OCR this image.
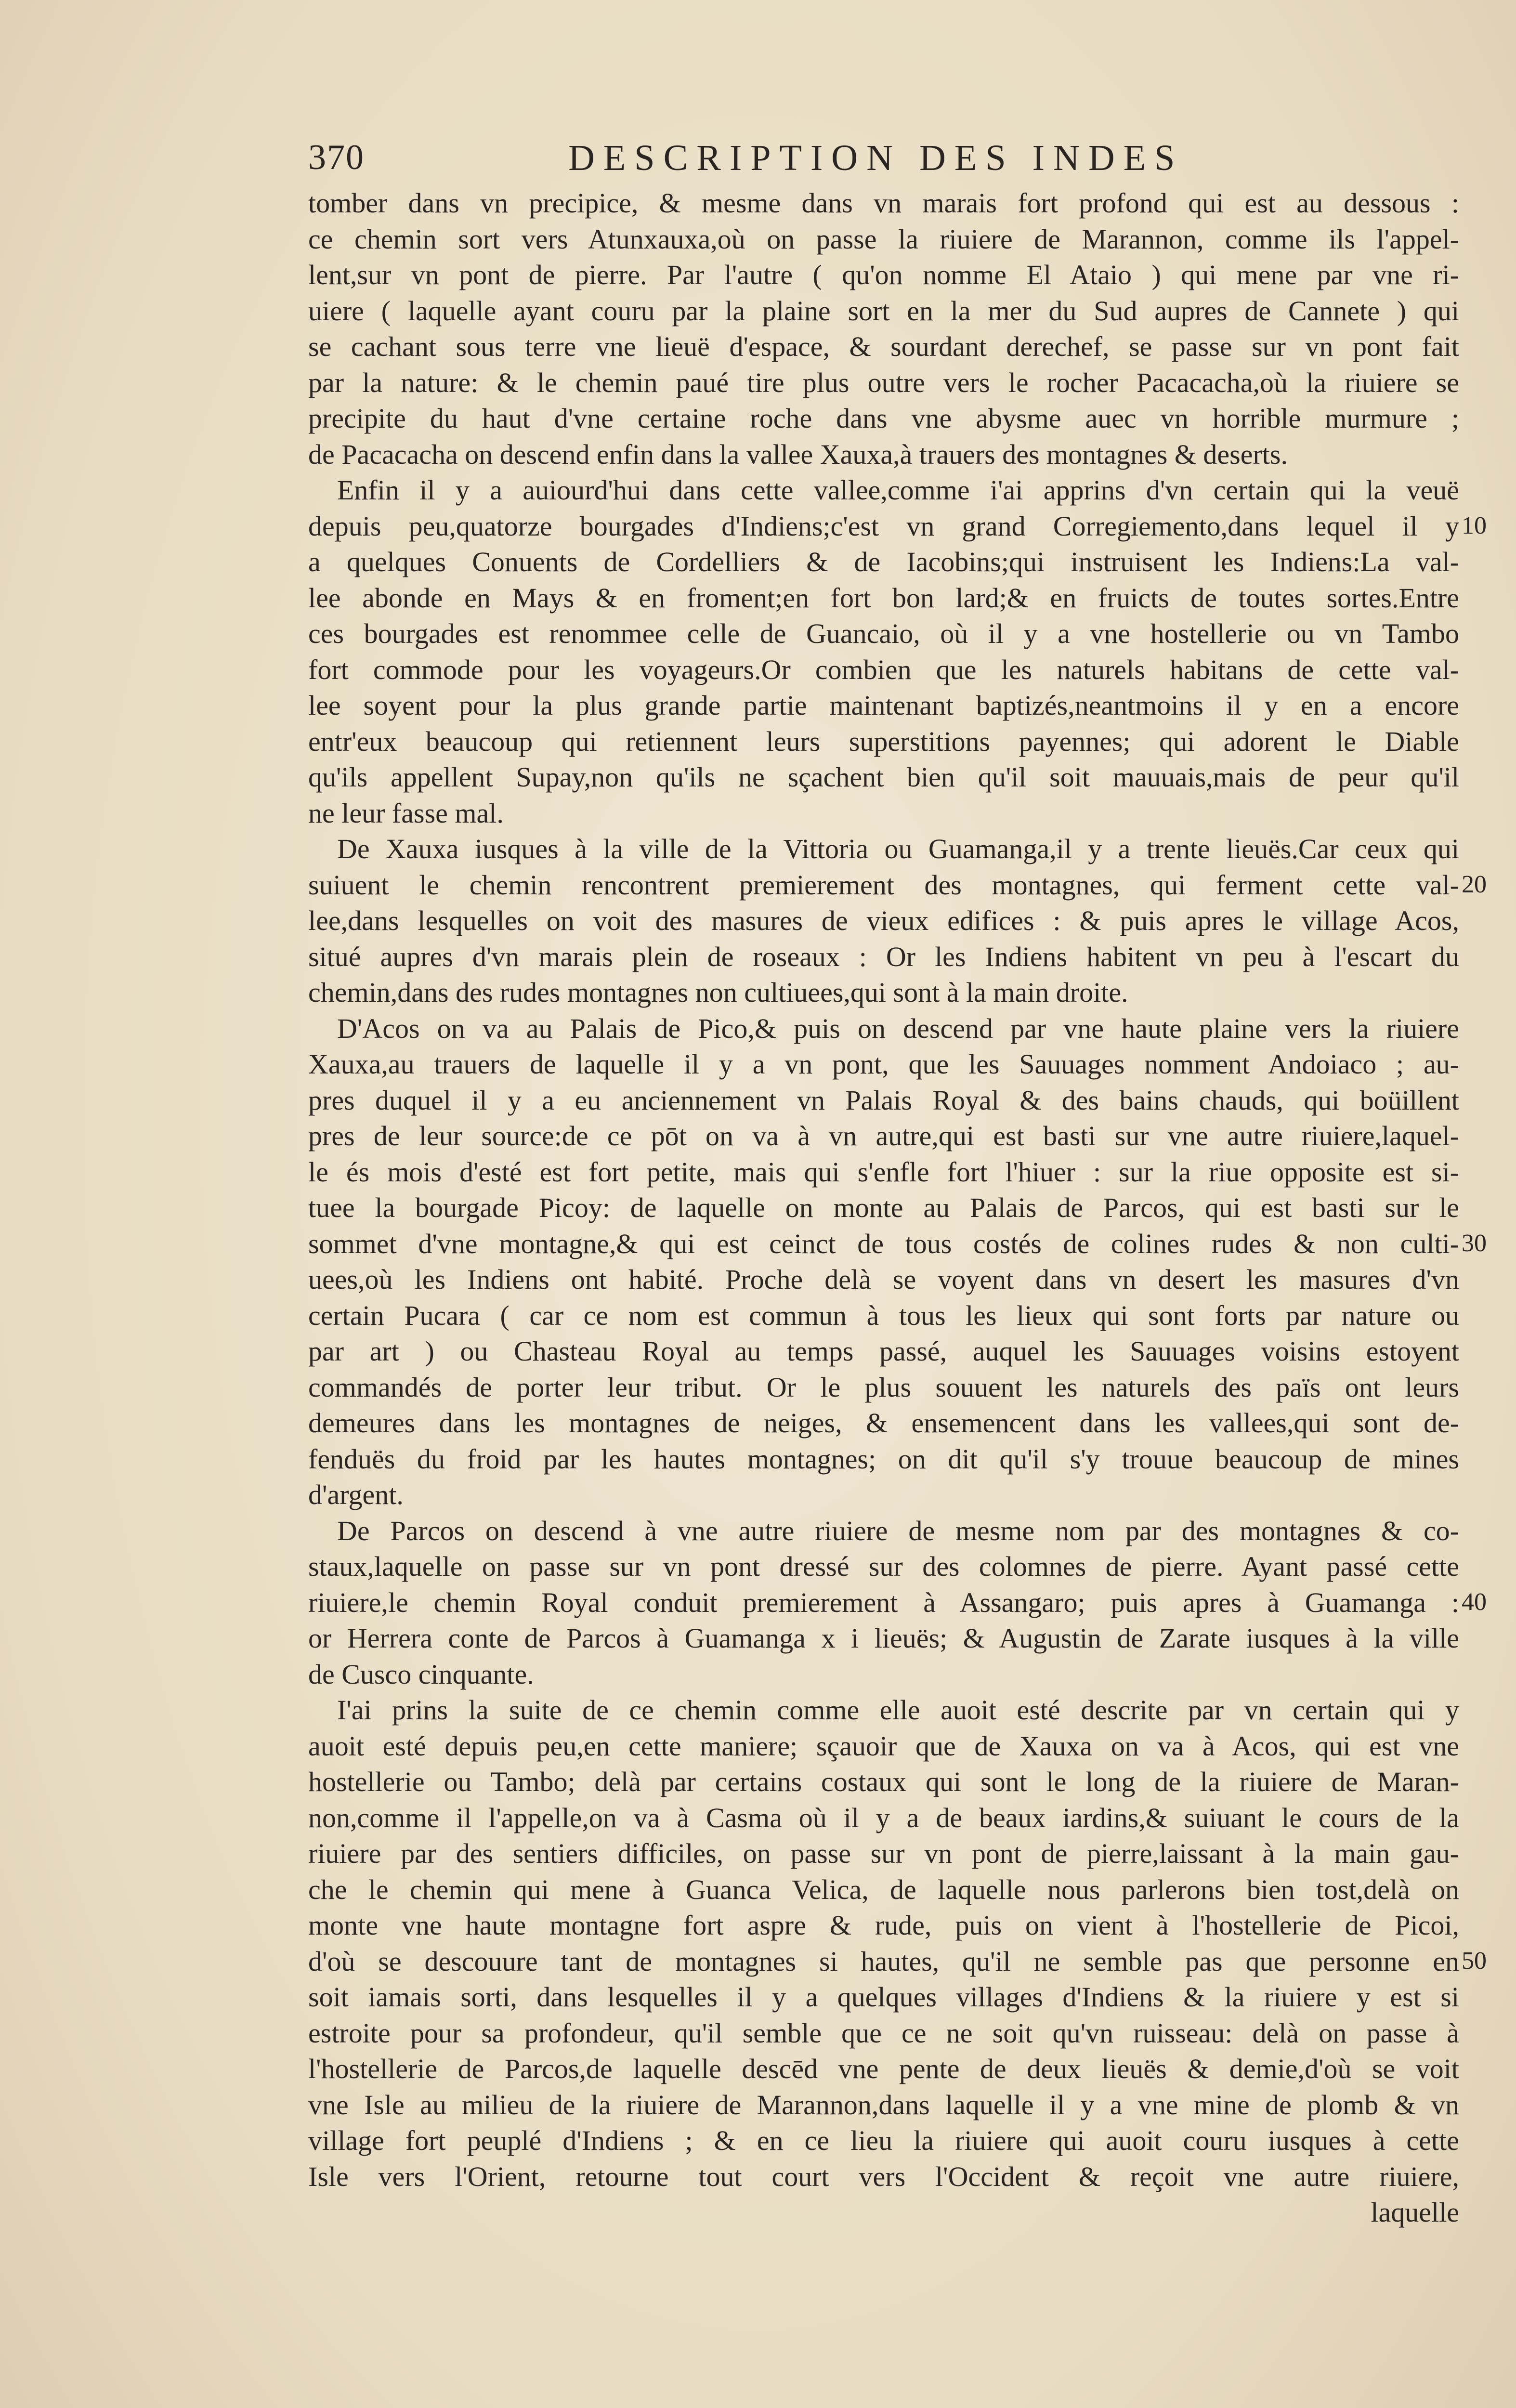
370	DESCRIPTION DES INDES
tomber dans vn precipice, & mesme dans vn marais fort profond qui est au dessous :
ce chemin sort vers Atunxauxa,où on passe la riuiere de Marannon, comme ils l'appel-
lent,sur vn pont de pierre. Par l'autre ( qu'on nomme El Ataio ) qui mene par vne ri-
uiere ( laquelle ayant couru par la plaine sort en la mer du Sud aupres de Cannete ) qui
se cachant sous terre vne lieuë d'espace, & sourdant derechef, se passe sur vn pont fait
par la nature: & le chemin paué tire plus outre vers le rocher Pacacacha,où la riuiere se
precipite du haut d'vne certaine roche dans vne abysme auec vn horrible murmure ;
de Pacacacha on descend enfin dans la vallee Xauxa,à trauers des montagnes & deserts.
Enfin il y a auiourd'hui dans cette vallee,comme i'ai apprins d'vn certain qui la veuë
depuis peu,quatorze bourgades d'Indiens;c'est vn grand Corregiemento,dans lequel il y
a quelques Conuents de Cordelliers & de Iacobins;qui instruisent les Indiens:La val-
lee abonde en Mays & en froment;en fort bon lard;& en fruicts de toutes sortes.Entre
ces bourgades est renommee celle de Guancaio, où il y a vne hostellerie ou vn Tambo
fort commode pour les voyageurs.Or combien que les naturels habitans de cette val-
lee soyent pour la plus grande partie maintenant baptizés,neantmoins il y en a encore
entr'eux beaucoup qui retiennent leurs superstitions payennes; qui adorent le Diable
qu'ils appellent Supay,non qu'ils ne sçachent bien qu'il soit mauuais,mais de peur qu'il
ne leur fasse mal.
De Xauxa iusques à la ville de la Vittoria ou Guamanga,il y a trente lieuës.Car ceux qui
suiuent le chemin rencontrent premierement des montagnes, qui ferment cette val-
lee,dans lesquelles on voit des masures de vieux edifices : & puis apres le village Acos,
situé aupres d'vn marais plein de roseaux : Or les Indiens habitent vn peu à l'escart du
chemin,dans des rudes montagnes non cultiuees,qui sont à la main droite.
D'Acos on va au Palais de Pico,& puis on descend par vne haute plaine vers la riuiere
Xauxa,au trauers de laquelle il y a vn pont, que les Sauuages nomment Andoiaco ; au-
pres duquel il y a eu anciennement vn Palais Royal & des bains chauds, qui boüillent
pres de leur source:de ce pōt on va à vn autre,qui est basti sur vne autre riuiere,laquel-
le és mois d'esté est fort petite, mais qui s'enfle fort l'hiuer : sur la riue opposite est si-
tuee la bourgade Picoy: de laquelle on monte au Palais de Parcos, qui est basti sur le
sommet d'vne montagne,& qui est ceinct de tous costés de colines rudes & non culti-
uees,où les Indiens ont habité. Proche delà se voyent dans vn desert les masures d'vn
certain Pucara ( car ce nom est commun à tous les lieux qui sont forts par nature ou
par art ) ou Chasteau Royal au temps passé, auquel les Sauuages voisins estoyent
commandés de porter leur tribut. Or le plus souuent les naturels des païs ont leurs
demeures dans les montagnes de neiges, & ensemencent dans les vallees,qui sont de-
fenduës du froid par les hautes montagnes; on dit qu'il s'y trouue beaucoup de mines
d'argent.
De Parcos on descend à vne autre riuiere de mesme nom par des montagnes & co-
staux,laquelle on passe sur vn pont dressé sur des colomnes de pierre. Ayant passé cette
riuiere,le chemin Royal conduit premierement à Assangaro; puis apres à Guamanga :
or Herrera conte de Parcos à Guamanga x i lieuës; & Augustin de Zarate iusques à la ville
de Cusco cinquante.
I'ai prins la suite de ce chemin comme elle auoit esté descrite par vn certain qui y
auoit esté depuis peu,en cette maniere; sçauoir que de Xauxa on va à Acos, qui est vne
hostellerie ou Tambo; delà par certains costaux qui sont le long de la riuiere de Maran-
non,comme il l'appelle,on va à Casma où il y a de beaux iardins,& suiuant le cours de la
riuiere par des sentiers difficiles, on passe sur vn pont de pierre,laissant à la main gau-
che le chemin qui mene à Guanca Velica, de laquelle nous parlerons bien tost,delà on
monte vne haute montagne fort aspre & rude, puis on vient à l'hostellerie de Picoi,
d'où se descouure tant de montagnes si hautes, qu'il ne semble pas que personne en
soit iamais sorti, dans lesquelles il y a quelques villages d'Indiens & la riuiere y est si
estroite pour sa profondeur, qu'il semble que ce ne soit qu'vn ruisseau: delà on passe à
l'hostellerie de Parcos,de laquelle descēd vne pente de deux lieuës & demie,d'où se voit
vne Isle au milieu de la riuiere de Marannon,dans laquelle il y a vne mine de plomb & vn
village fort peuplé d'Indiens ; & en ce lieu la riuiere qui auoit couru iusques à cette
Isle vers l'Orient, retourne tout court vers l'Occident & reçoit vne autre riuiere,
laquelle
10
20
30
40
50
